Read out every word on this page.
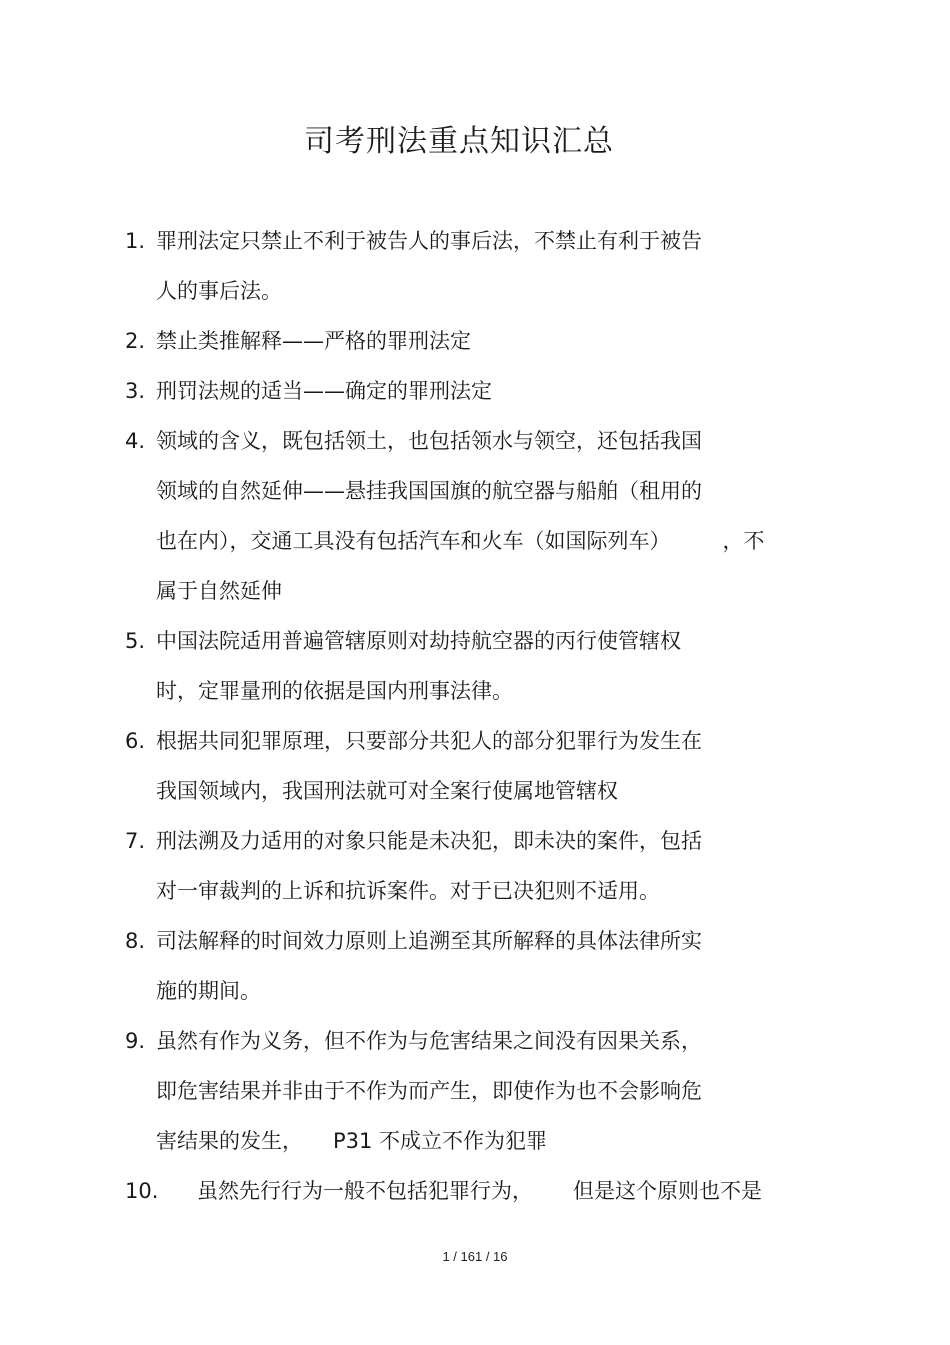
司考刑法重点知识汇总
1. 罪刑法定只禁止不利于被告人的事后法，不禁止有利于被告
人的事后法。
2. 禁止类推解释——严格的罪刑法定
3. 刑罚法规的适当——确定的罪刑法定
4. 领域的含义，既包括领土，也包括领水与领空，还包括我国
领域的自然延伸——悬挂我国国旗的航空器与船舶（租用的
也在内），交通工具没有包括汽车和火车（如国际列车） ，不
属于自然延伸
5. 中国法院适用普遍管辖原则对劫持航空器的丙行使管辖权
时，定罪量刑的依据是国内刑事法律。
6. 根据共同犯罪原理，只要部分共犯人的部分犯罪行为发生在
我国领域内，我国刑法就可对全案行使属地管辖权
7. 刑法溯及力适用的对象只能是未决犯，即未决的案件，包括
对一审裁判的上诉和抗诉案件。对于已决犯则不适用。
8. 司法解释的时间效力原则上追溯至其所解释的具体法律所实
施的期间。
9. 虽然有作为义务，但不作为与危害结果之间没有因果关系，
即危害结果并非由于不作为而产生，即使作为也不会影响危
害结果的发生， P31 不成立不作为犯罪
10.	虽然先行行为一般不包括犯罪行为， 但是这个原则也不是
1 / 161 / 16
